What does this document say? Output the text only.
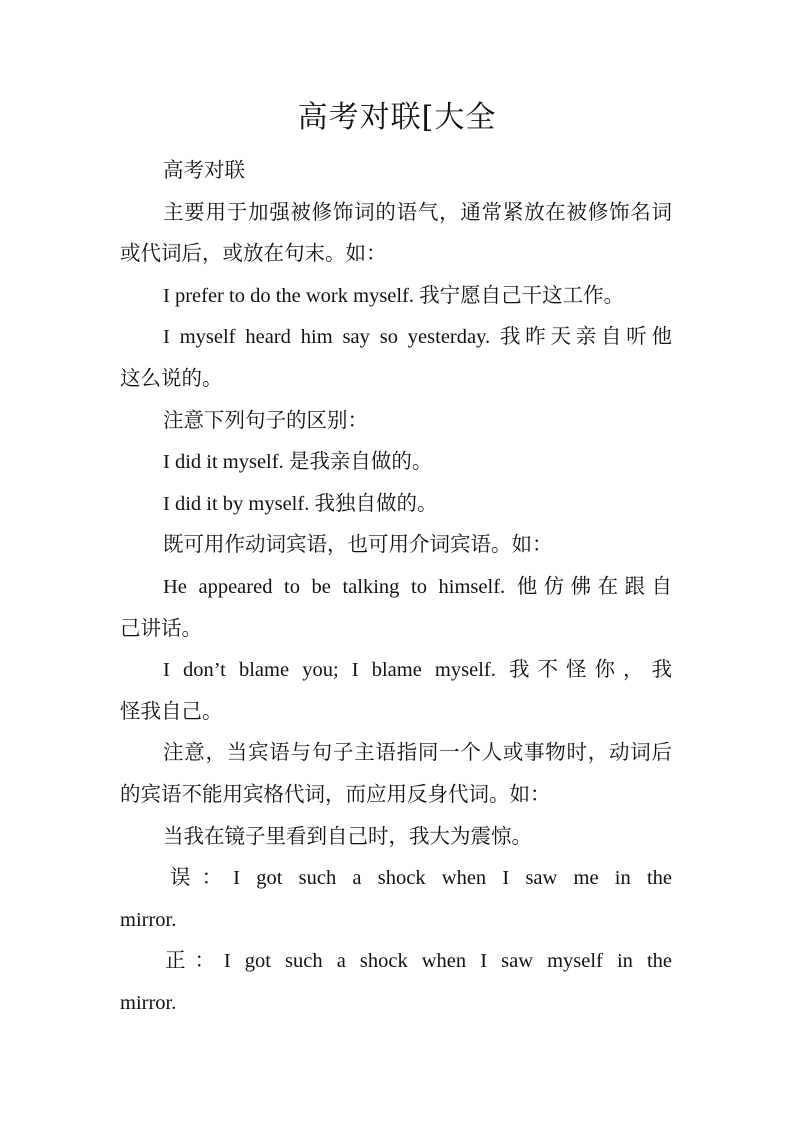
高考对联[大全
高考对联
主要用于加强被修饰词的语气，通常紧放在被修饰名词
或代词后，或放在句末。如：
I prefer to do the work myself. 我宁愿自己干这工作。
I myself heard him say so yesterday. 我昨天亲自听他
这么说的。
注意下列句子的区别：
I did it myself. 是我亲自做的。
I did it by myself. 我独自做的。
既可用作动词宾语，也可用介词宾语。如：
He appeared to be talking to himself. 他仿佛在跟自
己讲话。
I don’t blame you; I blame myself. 我不怪你，我
怪我自己。
注意，当宾语与句子主语指同一个人或事物时，动词后
的宾语不能用宾格代词，而应用反身代词。如：
当我在镜子里看到自己时，我大为震惊。
误：I got such a shock when I saw me in the
mirror.
正：I got such a shock when I saw myself in the
mirror.
